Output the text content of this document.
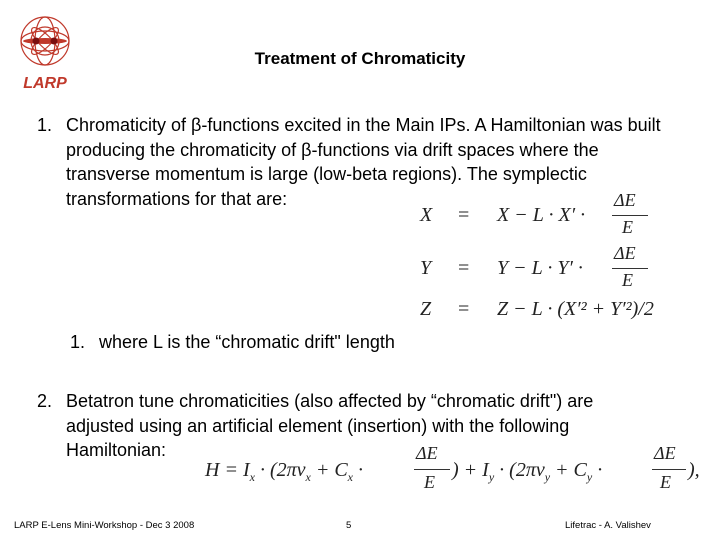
LARP
Treatment of Chromaticity
1. Chromaticity of β-functions excited in the Main IPs. A Hamiltonian was built producing the chromaticity of β-functions via drift spaces where the transverse momentum is large (low-beta regions). The symplectic transformations for that are:
X = X − L · X′ ·
ΔE
E
Y = Y − L · Y′ ·
ΔE
E
Z = Z − L · (X′² + Y′²)/2
1. where L is the “chromatic drift" length
2. Betatron tune chromaticities (also affected by “chromatic drift") are adjusted using an artificial element (insertion) with the following Hamiltonian:
$H = I_x \cdot (2\pi\nu_x + C_x$ ·
ΔE
E
) + $I_y \cdot (2\pi\nu_y + C_y$ ·
ΔE
E
),
LARP E-Lens Mini-Workshop - Dec 3 2008	5	Lifetrac - A. Valishev
